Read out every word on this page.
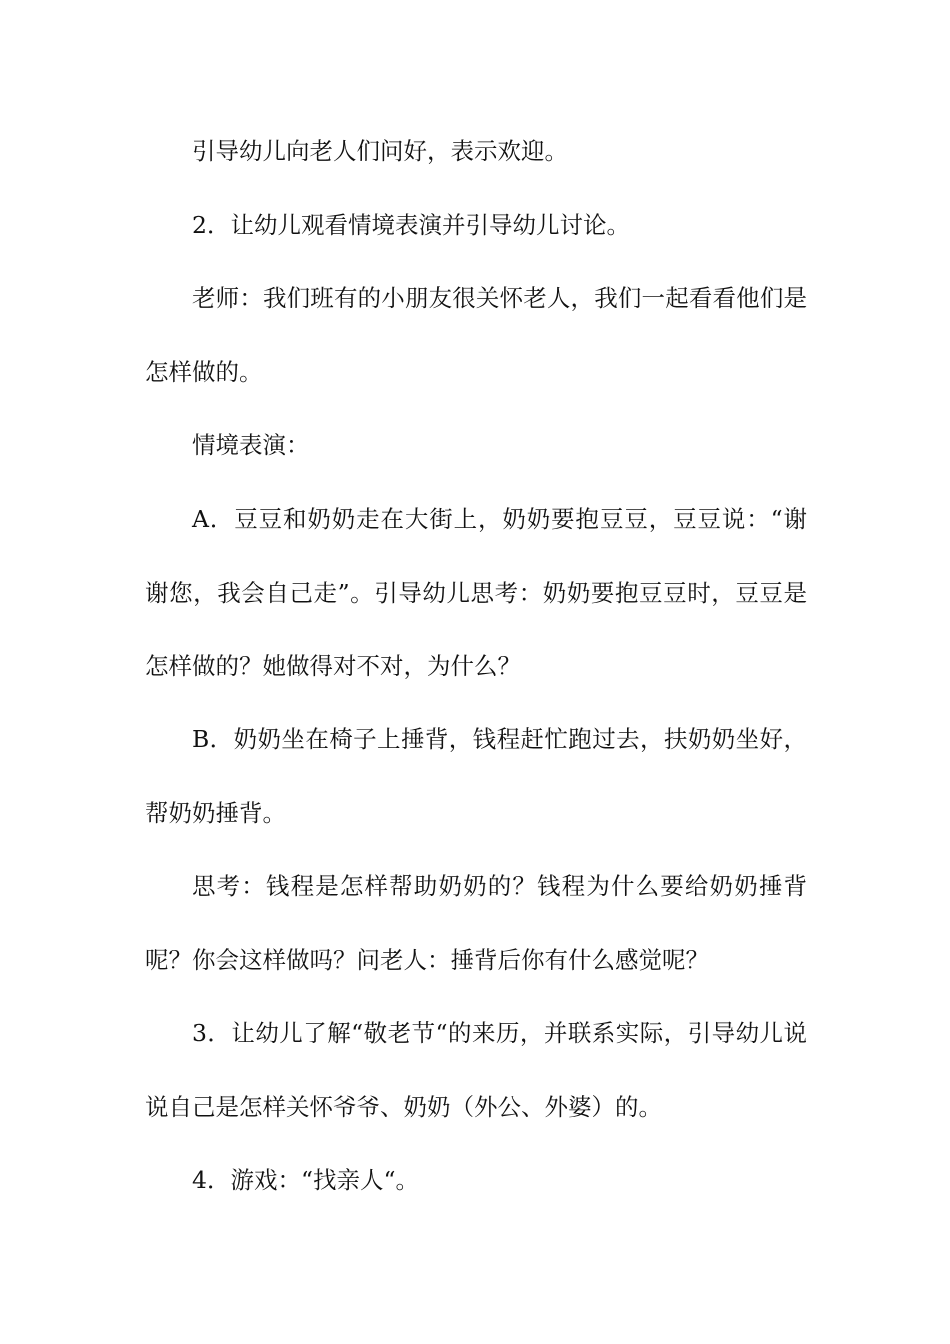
引导幼儿向老人们问好，表示欢迎。

2．让幼儿观看情境表演并引导幼儿讨论。

老师：我们班有的小朋友很关怀老人，我们一起看看他们是怎样做的。

情境表演：

A．豆豆和奶奶走在大街上，奶奶要抱豆豆，豆豆说：“谢谢您，我会自己走”。引导幼儿思考：奶奶要抱豆豆时，豆豆是怎样做的？她做得对不对，为什么？

B．奶奶坐在椅子上捶背，钱程赶忙跑过去，扶奶奶坐好，帮奶奶捶背。

思考：钱程是怎样帮助奶奶的？钱程为什么要给奶奶捶背呢？你会这样做吗？问老人：捶背后你有什么感觉呢？

3．让幼儿了解“敬老节“的来历，并联系实际，引导幼儿说说自己是怎样关怀爷爷、奶奶（外公、外婆）的。

4．游戏：“找亲人“。
